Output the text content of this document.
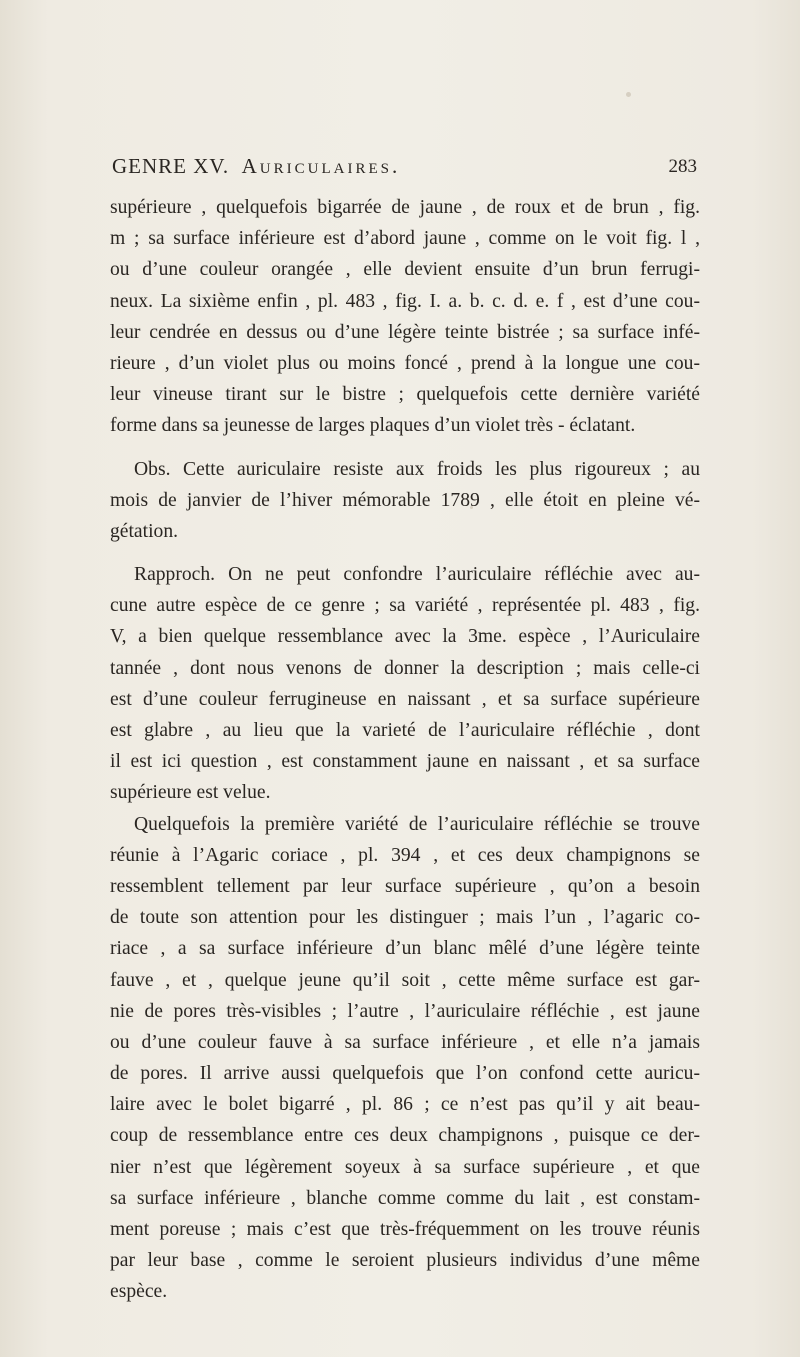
GENRE XV. Auriculaires.	283
supérieure , quelquefois bigarrée de jaune , de roux et de brun , fig.
m ; sa surface inférieure est d’abord jaune , comme on le voit fig. l ,
ou d’une couleur orangée , elle devient ensuite d’un brun ferrugi-
neux. La sixième enfin , pl. 483 , fig. I. a. b. c. d. e. f , est d’une cou-
leur cendrée en dessus ou d’une légère teinte bistrée ; sa surface infé-
rieure , d’un violet plus ou moins foncé , prend à la longue une cou-
leur vineuse tirant sur le bistre ; quelquefois cette dernière variété
forme dans sa jeunesse de larges plaques d’un violet très - éclatant.
Obs. Cette auriculaire resiste aux froids les plus rigoureux ; au
mois de janvier de l’hiver mémorable 1789 , elle étoit en pleine vé-
gétation.
Rapproch. On ne peut confondre l’auriculaire réfléchie avec au-
cune autre espèce de ce genre ; sa variété , représentée pl. 483 , fig.
V, a bien quelque ressemblance avec la 3me. espèce , l’Auriculaire
tannée , dont nous venons de donner la description ; mais celle-ci
est d’une couleur ferrugineuse en naissant , et sa surface supérieure
est glabre , au lieu que la varieté de l’auriculaire réfléchie , dont
il est ici question , est constamment jaune en naissant , et sa surface
supérieure est velue.
Quelquefois la première variété de l’auriculaire réfléchie se trouve
réunie à l’Agaric coriace , pl. 394 , et ces deux champignons se
ressemblent tellement par leur surface supérieure , qu’on a besoin
de toute son attention pour les distinguer ; mais l’un , l’agaric co-
riace , a sa surface inférieure d’un blanc mêlé d’une légère teinte
fauve , et , quelque jeune qu’il soit , cette même surface est gar-
nie de pores très-visibles ; l’autre , l’auriculaire réfléchie , est jaune
ou d’une couleur fauve à sa surface inférieure , et elle n’a jamais
de pores. Il arrive aussi quelquefois que l’on confond cette auricu-
laire avec le bolet bigarré , pl. 86 ; ce n’est pas qu’il y ait beau-
coup de ressemblance entre ces deux champignons , puisque ce der-
nier n’est que légèrement soyeux à sa surface supérieure , et que
sa surface inférieure , blanche comme comme du lait , est constam-
ment poreuse ; mais c’est que très-fréquemment on les trouve réunis
par leur base , comme le seroient plusieurs individus d’une même
espèce.
